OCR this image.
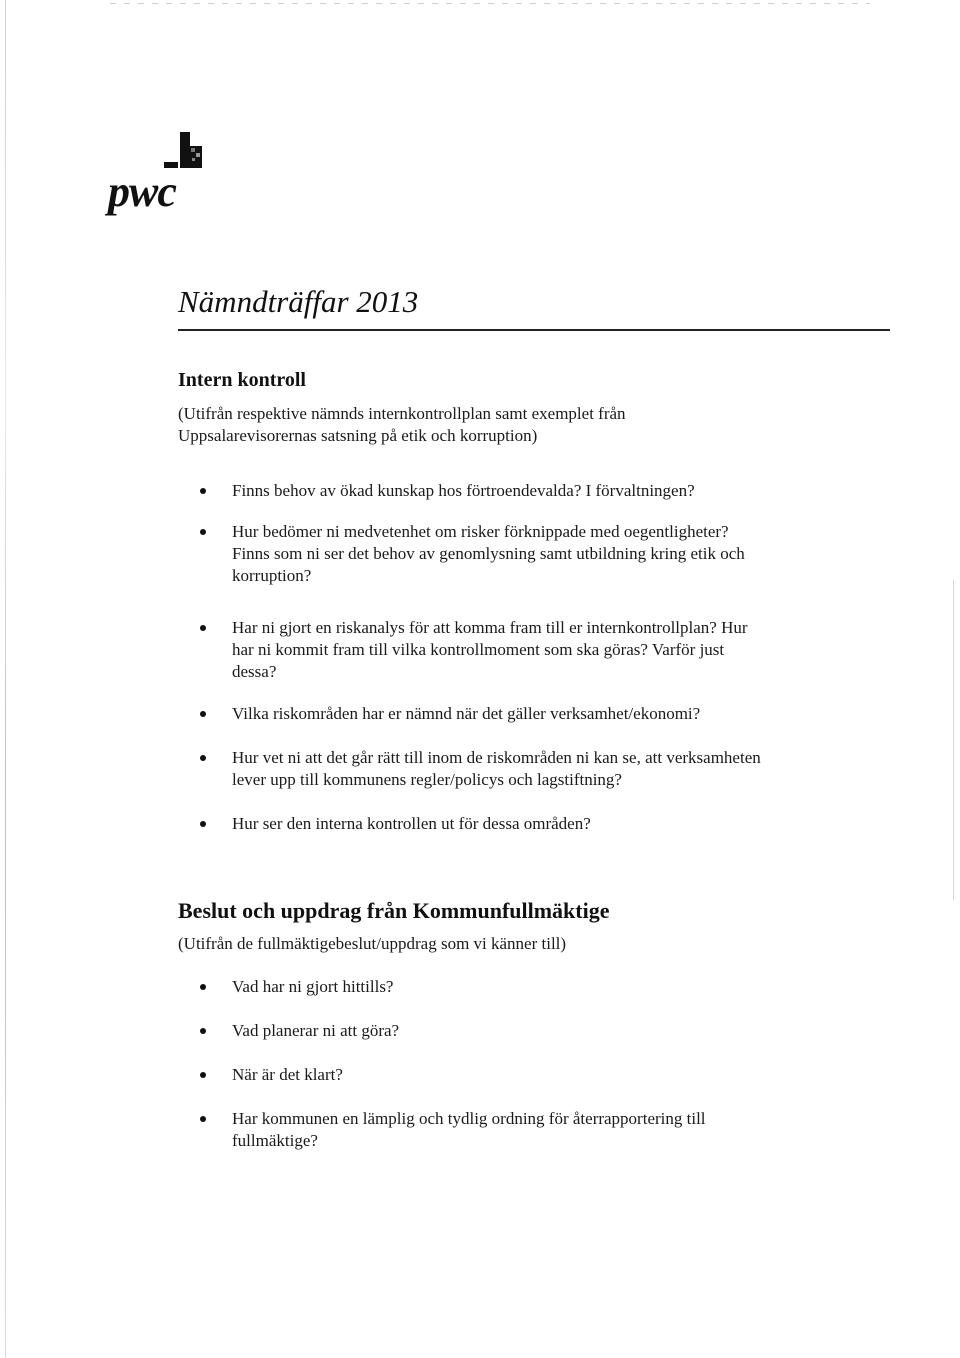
pwc
Nämndträffar 2013
Intern kontroll
(Utifrån respektive nämnds internkontrollplan samt exemplet från
Uppsalarevisorernas satsning på etik och korruption)
Finns behov av ökad kunskap hos förtroendevalda? I förvaltningen?
Hur bedömer ni medvetenhet om risker förknippade med oegentligheter?
Finns som ni ser det behov av genomlysning samt utbildning kring etik och
korruption?
Har ni gjort en riskanalys för att komma fram till er internkontrollplan? Hur
har ni kommit fram till vilka kontrollmoment som ska göras? Varför just
dessa?
Vilka riskområden har er nämnd när det gäller verksamhet/ekonomi?
Hur vet ni att det går rätt till inom de riskområden ni kan se, att verksamheten
lever upp till kommunens regler/policys och lagstiftning?
Hur ser den interna kontrollen ut för dessa områden?
Beslut och uppdrag från Kommunfullmäktige
(Utifrån de fullmäktigebeslut/uppdrag som vi känner till)
Vad har ni gjort hittills?
Vad planerar ni att göra?
När är det klart?
Har kommunen en lämplig och tydlig ordning för återrapportering till
fullmäktige?
